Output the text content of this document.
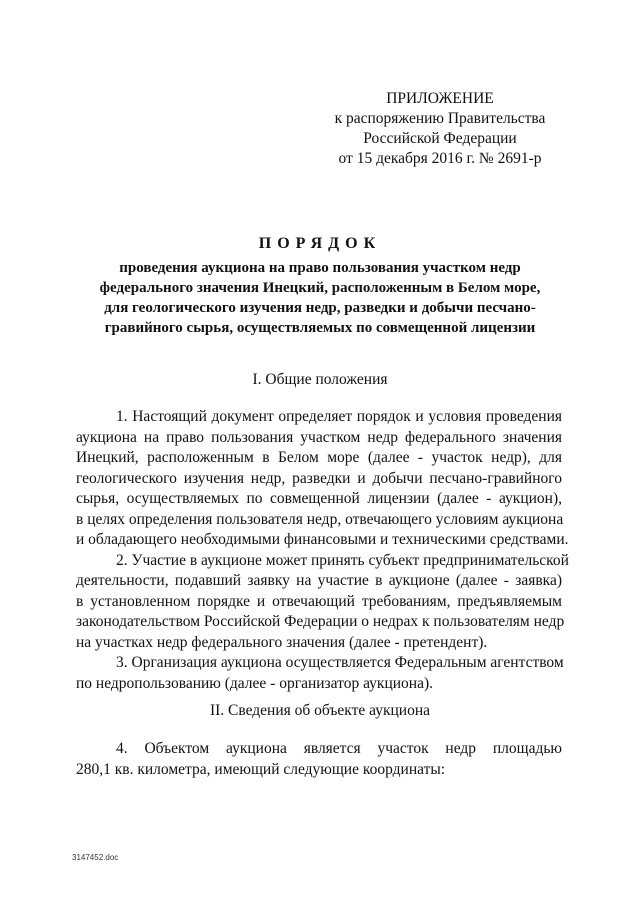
ПРИЛОЖЕНИЕ
к распоряжению Правительства
Российской Федерации
от 15 декабря 2016 г. № 2691-р
ПОРЯДОК
проведения аукциона на право пользования участком недр
федерального значения Инецкий, расположенным в Белом море,
для геологического изучения недр, разведки и добычи песчано-
гравийного сырья, осуществляемых по совмещенной лицензии
I. Общие положения
1. Настоящий документ определяет порядок и условия проведения
аукциона на право пользования участком недр федерального значения
Инецкий, расположенным в Белом море (далее - участок недр), для
геологического изучения недр, разведки и добычи песчано-гравийного
сырья, осуществляемых по совмещенной лицензии (далее - аукцион),
в целях определения пользователя недр, отвечающего условиям аукциона
и обладающего необходимыми финансовыми и техническими средствами.
2. Участие в аукционе может принять субъект предпринимательской
деятельности, подавший заявку на участие в аукционе (далее - заявка)
в установленном порядке и отвечающий требованиям, предъявляемым
законодательством Российской Федерации о недрах к пользователям недр
на участках недр федерального значения (далее - претендент).
3. Организация аукциона осуществляется Федеральным агентством
по недропользованию (далее - организатор аукциона).
II. Сведения об объекте аукциона
4. Объектом аукциона является участок недр площадью
280,1 кв. километра, имеющий следующие координаты:
3147452.doc
